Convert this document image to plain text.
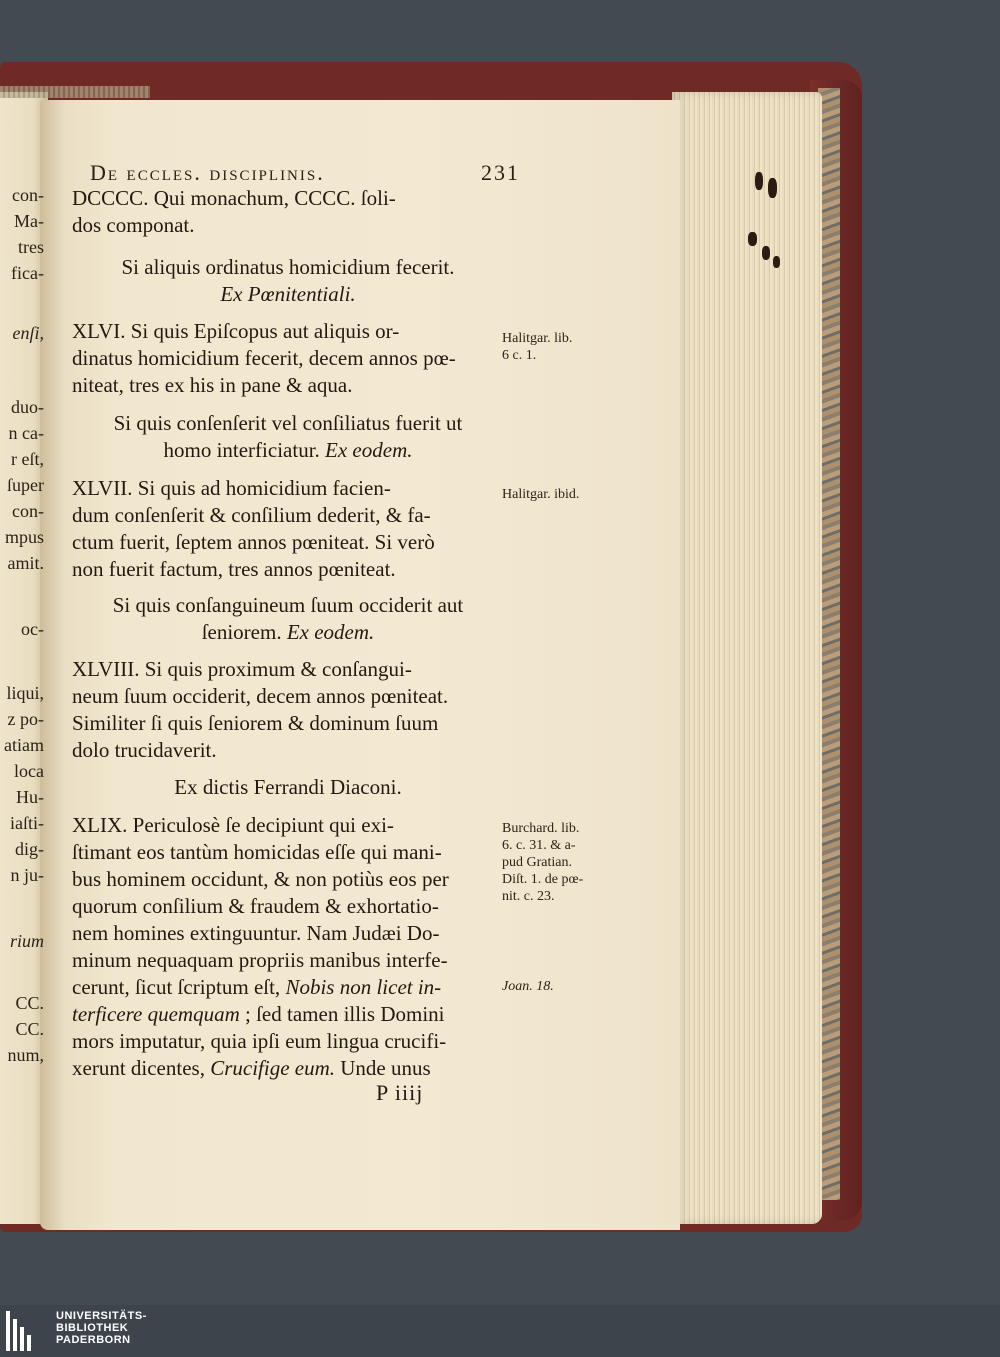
con-
Ma-
tres
fica-
enſi,
duo-
n ca-
r eſt,
ſuper
con-
mpus
amit.
oc-
liqui,
z po-
atiam
loca
Hu-
iaſti-
dig-
n ju-
rium
CC.
CC.
num,
De eccles. disciplinis.	231
DCCCC. Qui monachum, CCCC. ſoli-
dos componat.
Si aliquis ordinatus homicidium fecerit.
Ex Pœnitentiali.
XLVI. Si quis Epiſcopus aut aliquis or-
dinatus homicidium fecerit, decem annos pœ-
niteat, tres ex his in pane & aqua.
Halitgar. lib.
6 c. 1.
Si quis conſenſerit vel conſiliatus fuerit ut
homo interficiatur. Ex eodem.
XLVII. Si quis ad homicidium facien-
dum conſenſerit & conſilium dederit, & fa-
ctum fuerit, ſeptem annos pœniteat. Si verò
non fuerit factum, tres annos pœniteat.
Halitgar. ibid.
Si quis conſanguineum ſuum occiderit aut
ſeniorem. Ex eodem.
XLVIII. Si quis proximum & conſangui-
neum ſuum occiderit, decem annos pœniteat.
Similiter ſi quis ſeniorem & dominum ſuum
dolo trucidaverit.
Ex dictis Ferrandi Diaconi.
XLIX. Periculosè ſe decipiunt qui exi-
ſtimant eos tantùm homicidas eſſe qui mani-
bus hominem occidunt, & non potiùs eos per
quorum conſilium & fraudem & exhortatio-
nem homines extinguuntur. Nam Judæi Do-
minum nequaquam propriis manibus interfe-
cerunt, ſicut ſcriptum eſt, Nobis non licet in-
terficere quemquam ; ſed tamen illis Domini
mors imputatur, quia ipſi eum lingua crucifi-
xerunt dicentes, Crucifige eum. Unde unus
Burchard. lib.
6. c. 31. & a-
pud Gratian.
Diſt. 1. de pœ-
nit. c. 23.
Joan. 18.
P iiij
UNIVERSITÄTS-
BIBLIOTHEK
PADERBORN
